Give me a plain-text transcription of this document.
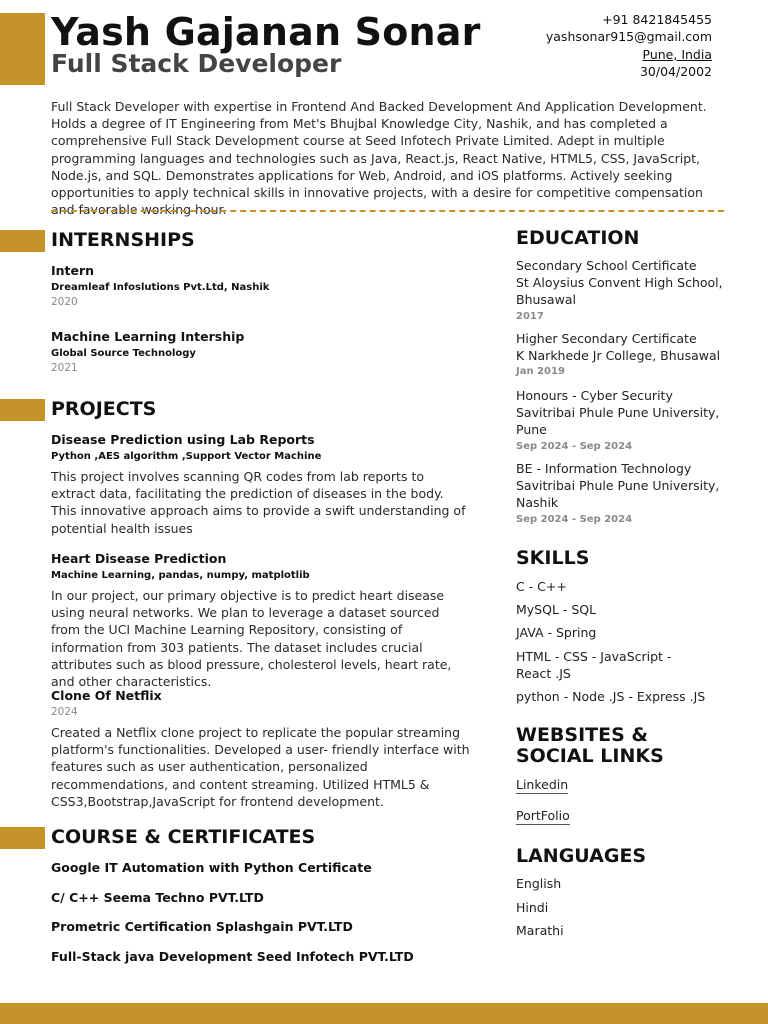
Yash Gajanan Sonar
Full Stack Developer
+91 8421845455
yashsonar915@gmail.com
Pune, India
30/04/2002
Full Stack Developer with expertise in Frontend And Backed Development And Application Development. Holds a degree of IT Engineering from Met's Bhujbal Knowledge City, Nashik, and has completed a comprehensive Full Stack Development course at Seed Infotech Private Limited. Adept in multiple programming languages and technologies such as Java, React.js, React Native, HTML5, CSS, JavaScript, Node.js, and SQL. Demonstrates applications for Web, Android, and iOS platforms. Actively seeking opportunities to apply technical skills in innovative projects, with a desire for competitive compensation and favorable working hour.
INTERNSHIPS
Intern
Dreamleaf Infoslutions Pvt.Ltd, Nashik
2020
Machine Learning Intership
Global Source Technology
2021
PROJECTS
Disease Prediction using Lab Reports
Python ,AES algorithm ,Support Vector Machine
This project involves scanning QR codes from lab reports to extract data, facilitating the prediction of diseases in the body. This innovative approach aims to provide a swift understanding of potential health issues
Heart Disease Prediction
Machine Learning, pandas, numpy, matplotlib
In our project, our primary objective is to predict heart disease using neural networks. We plan to leverage a dataset sourced from the UCI Machine Learning Repository, consisting of information from 303 patients. The dataset includes crucial attributes such as blood pressure, cholesterol levels, heart rate, and other characteristics.
Clone Of Netflix
2024
Created a Netflix clone project to replicate the popular streaming platform's functionalities. Developed a user- friendly interface with features such as user authentication, personalized recommendations, and content streaming. Utilized HTML5 & CSS3,Bootstrap,JavaScript for frontend development.
COURSE & CERTIFICATES
Google IT Automation with Python Certificate
C/ C++ Seema Techno PVT.LTD
Prometric Certification Splashgain PVT.LTD
Full-Stack java Development Seed Infotech PVT.LTD
EDUCATION
Secondary School Certificate
St Aloysius Convent High School, Bhusawal
2017
Higher Secondary Certificate
K Narkhede Jr College, Bhusawal
Jan 2019
Honours - Cyber Security
Savitribai Phule Pune University, Pune
Sep 2024 - Sep 2024
BE - Information Technology
Savitribai Phule Pune University, Nashik
Sep 2024 - Sep 2024
SKILLS
C - C++
MySQL - SQL
JAVA - Spring
HTML - CSS - JavaScript - React .JS
python - Node .JS - Express .JS
WEBSITES & SOCIAL LINKS
Linkedin
PortFolio
LANGUAGES
English
Hindi
Marathi
